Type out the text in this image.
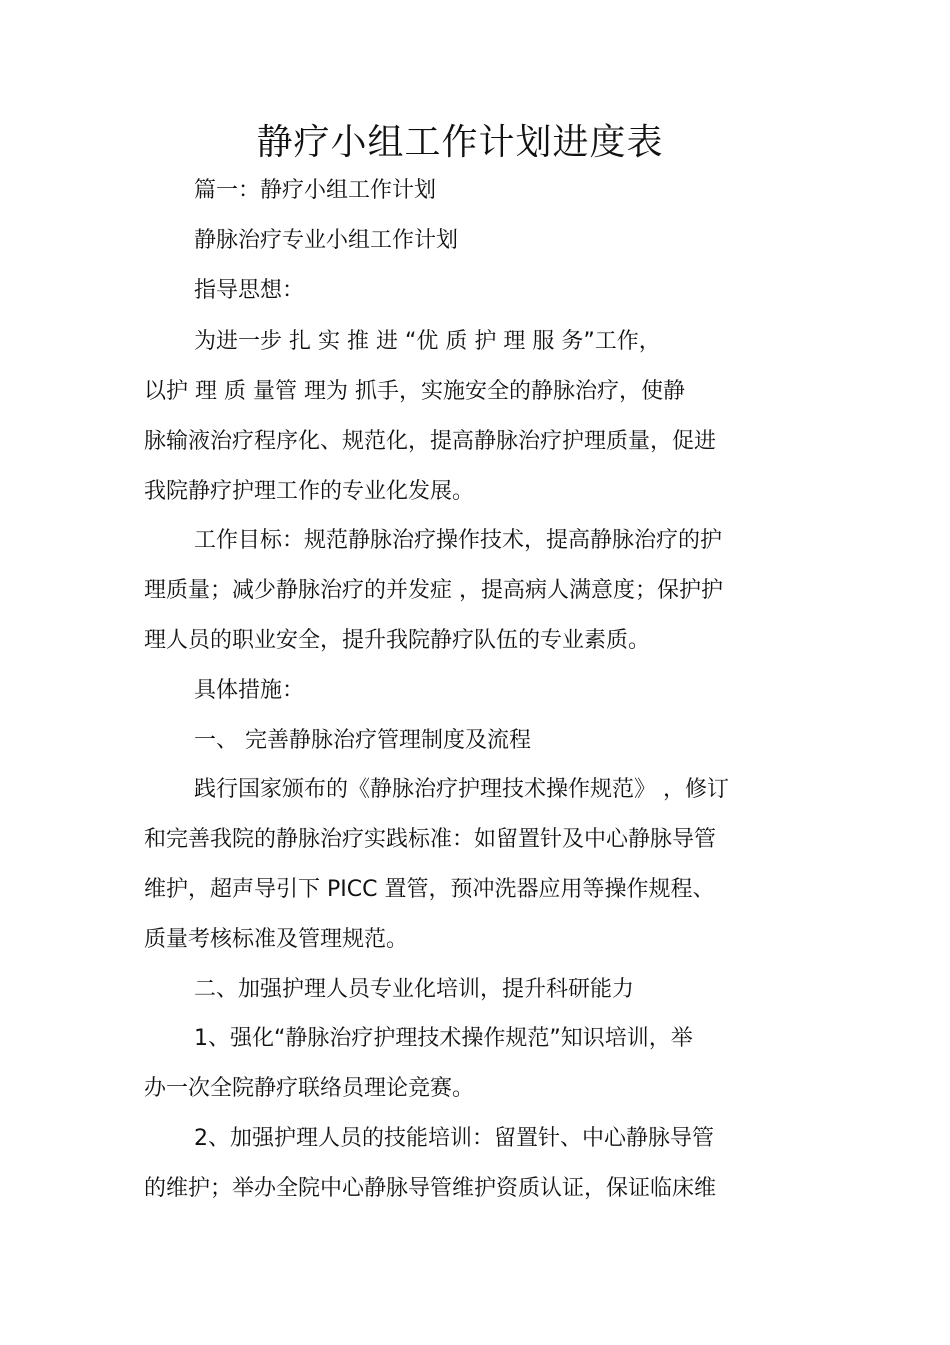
静疗小组工作计划进度表
篇一：静疗小组工作计划
静脉治疗专业小组工作计划
指导思想：
为进一步 扎 实 推 进 “优 质 护 理 服 务”工作，
以护 理 质 量管 理为 抓手，实施安全的静脉治疗，使静
脉输液治疗程序化、规范化，提高静脉治疗护理质量，促进
我院静疗护理工作的专业化发展。
工作目标：规范静脉治疗操作技术，提高静脉治疗的护
理质量；减少静脉治疗的并发症 ，提高病人满意度；保护护
理人员的职业安全，提升我院静疗队伍的专业素质。
具体措施：
一、 完善静脉治疗管理制度及流程
践行国家颁布的《静脉治疗护理技术操作规范》 ，修订
和完善我院的静脉治疗实践标准：如留置针及中心静脉导管
维护，超声导引下 PICC 置管，预冲洗器应用等操作规程、
质量考核标准及管理规范。
二、加强护理人员专业化培训，提升科研能力
1、强化“静脉治疗护理技术操作规范”知识培训，举
办一次全院静疗联络员理论竞赛。
2、加强护理人员的技能培训：留置针、中心静脉导管
的维护；举办全院中心静脉导管维护资质认证，保证临床维
